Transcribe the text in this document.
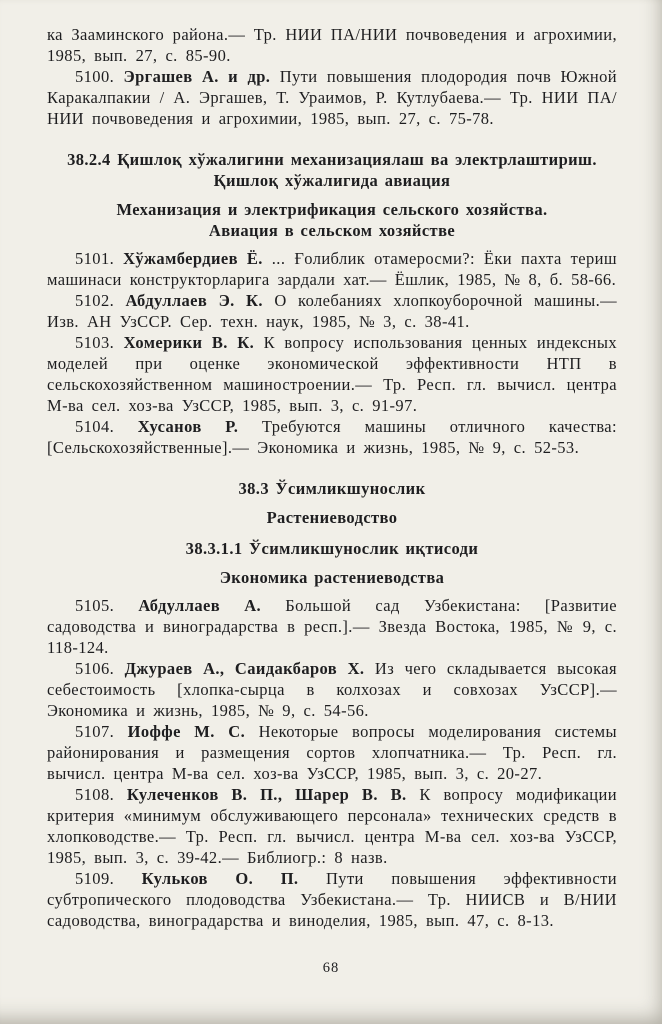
ка Зааминского района.— Тр. НИИ ПА/НИИ почвоведения и агрохимии, 1985, вып. 27, с. 85-90.

5100. Эргашев А. и др. Пути повышения плодородия почв Южной Каракалпакии / А. Эргашев, Т. Ураимов, Р. Кутлубаева.— Тр. НИИ ПА/НИИ почвоведения и агрохимии, 1985, вып. 27, с. 75-78.

38.2.4 Қишлоқ хўжалигини механизациялаш ва электрлаштириш.

Қишлоқ хўжалигида авиация

Механизация и электрификация сельского хозяйства.

Авиация в сельском хозяйстве

5101. Хўжамбердиев Ё. ... Ғолиблик отамеросми?: Ёки пахта териш машинаси конструкторларига зардали хат.— Ёшлик, 1985, № 8, б. 58-66.

5102. Абдуллаев Э. К. О колебаниях хлопкоуборочной машины.— Изв. АН УзССР. Сер. техн. наук, 1985, № 3, с. 38-41.

5103. Хомерики В. К. К вопросу использования ценных индексных моделей при оценке экономической эффективности НТП в сельскохозяйственном машиностроении.— Тр. Респ. гл. вычисл. центра М-ва сел. хоз-ва УзССР, 1985, вып. 3, с. 91-97.

5104. Хусанов Р. Требуются машины отличного качества: [Сельскохозяйственные].— Экономика и жизнь, 1985, № 9, с. 52-53.

38.3 Ўсимликшунослик

Растениеводство

38.3.1.1 Ўсимликшунослик иқтисоди

Экономика растениеводства

5105. Абдуллаев А. Большой сад Узбекистана: [Развитие садоводства и виноградарства в респ.].— Звезда Востока, 1985, № 9, с. 118-124.

5106. Джураев А., Саидакбаров Х. Из чего складывается высокая себестоимость [хлопка-сырца в колхозах и совхозах УзССР].— Экономика и жизнь, 1985, № 9, с. 54-56.

5107. Иоффе М. С. Некоторые вопросы моделирования системы районирования и размещения сортов хлопчатника.— Тр. Респ. гл. вычисл. центра М-ва сел. хоз-ва УзССР, 1985, вып. 3, с. 20-27.

5108. Кулеченков В. П., Шарер В. В. К вопросу модификации критерия «минимум обслуживающего персонала» технических средств в хлопководстве.— Тр. Респ. гл. вычисл. центра М-ва сел. хоз-ва УзССР, 1985, вып. 3, с. 39-42.— Библиогр.: 8 назв.

5109. Кульков О. П. Пути повышения эффективности субтропического плодоводства Узбекистана.— Тр. НИИСВ и В/НИИ садоводства, виноградарства и виноделия, 1985, вып. 47, с. 8-13.

68
